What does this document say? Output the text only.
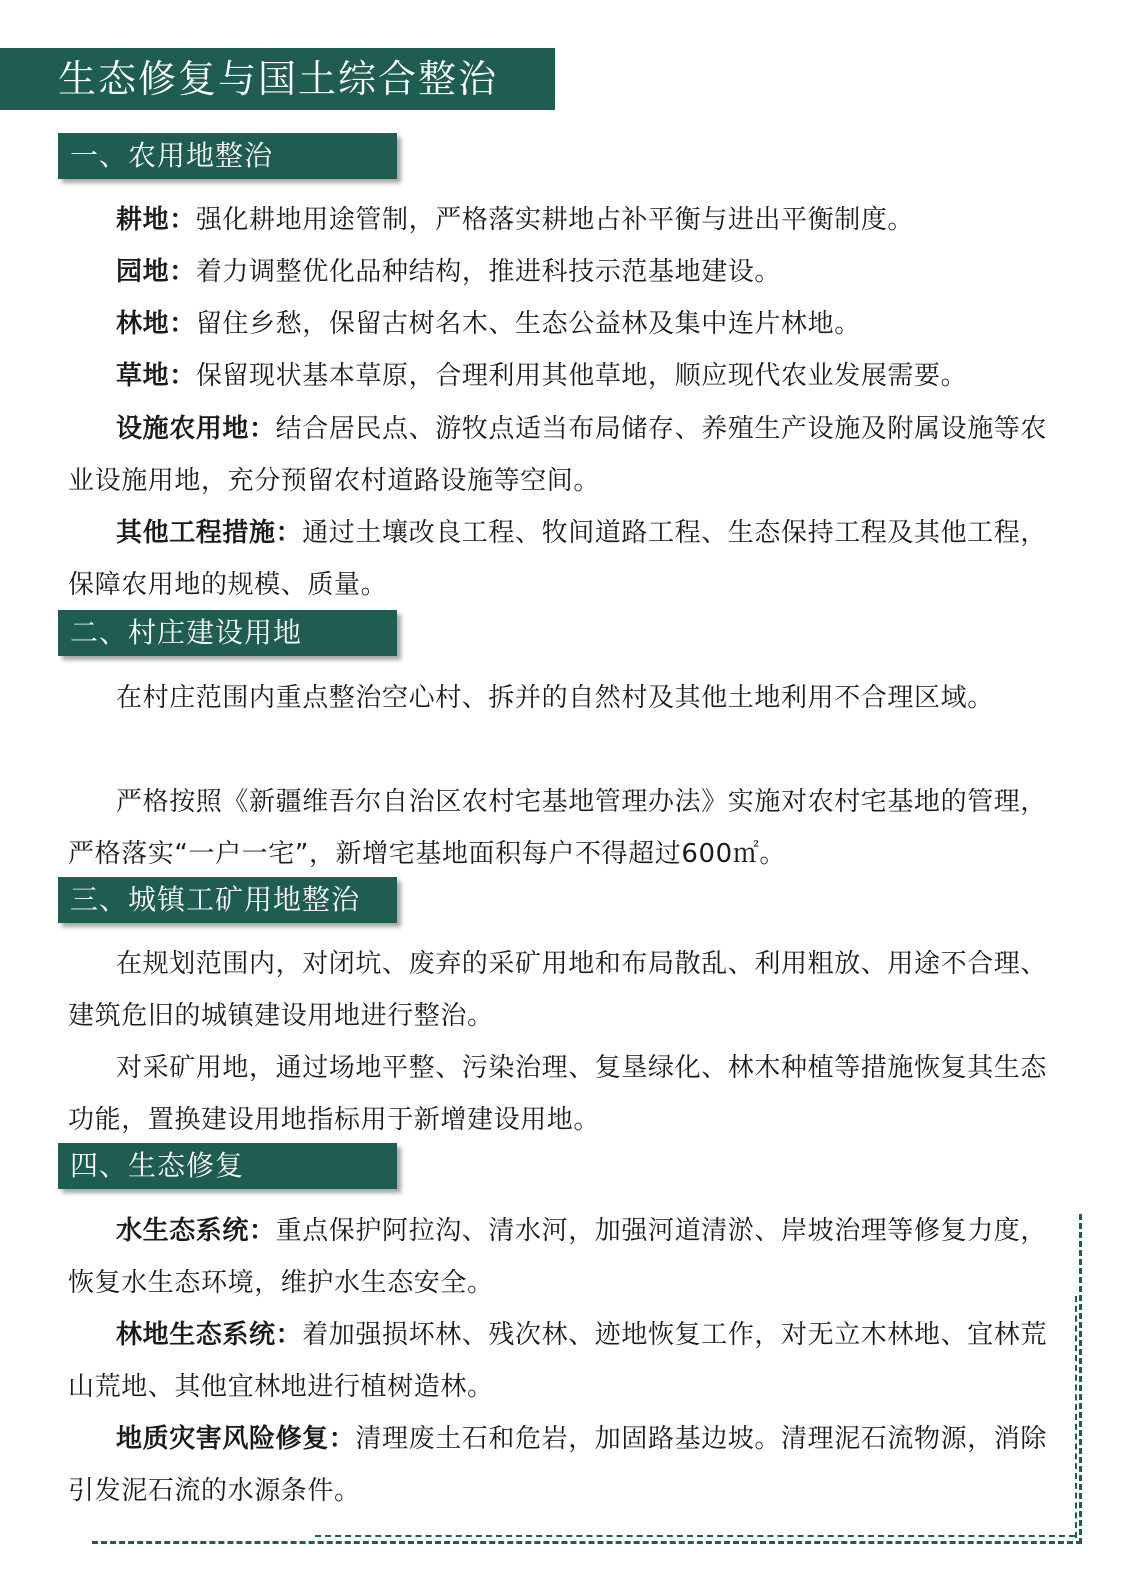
生态修复与国土综合整治
一、农用地整治

耕地：强化耕地用途管制，严格落实耕地占补平衡与进出平衡制度。

园地：着力调整优化品种结构，推进科技示范基地建设。

林地：留住乡愁，保留古树名木、生态公益林及集中连片林地。

草地：保留现状基本草原，合理利用其他草地，顺应现代农业发展需要。

设施农用地：结合居民点、游牧点适当布局储存、养殖生产设施及附属设施等农业设施用地，充分预留农村道路设施等空间。

其他工程措施：通过土壤改良工程、牧间道路工程、生态保持工程及其他工程，保障农用地的规模、质量。

二、村庄建设用地

在村庄范围内重点整治空心村、拆并的自然村及其他土地利用不合理区域。

严格按照《新疆维吾尔自治区农村宅基地管理办法》实施对农村宅基地的管理，严格落实“一户一宅”，新增宅基地面积每户不得超过600㎡。

三、城镇工矿用地整治

在规划范围内，对闭坑、废弃的采矿用地和布局散乱、利用粗放、用途不合理、建筑危旧的城镇建设用地进行整治。

对采矿用地，通过场地平整、污染治理、复垦绿化、林木种植等措施恢复其生态功能，置换建设用地指标用于新增建设用地。

四、生态修复

水生态系统：重点保护阿拉沟、清水河，加强河道清淤、岸坡治理等修复力度，恢复水生态环境，维护水生态安全。

林地生态系统：着加强损坏林、残次林、迹地恢复工作，对无立木林地、宜林荒山荒地、其他宜林地进行植树造林。

地质灾害风险修复：清理废土石和危岩，加固路基边坡。清理泥石流物源，消除引发泥石流的水源条件。
